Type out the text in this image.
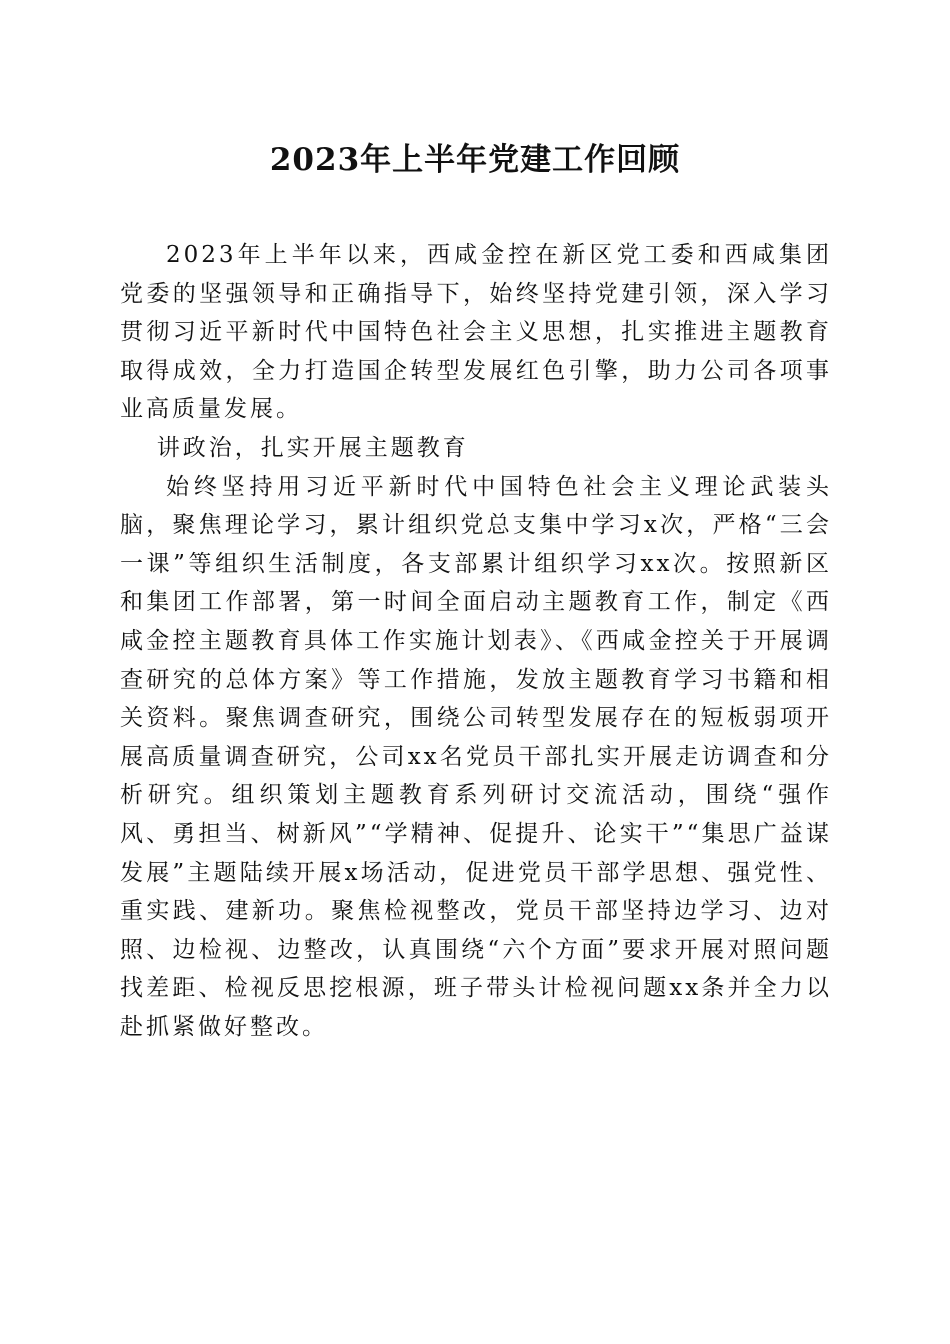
2023年上半年党建工作回顾

2023年上半年以来，西咸金控在新区党工委和西咸集团党委的坚强领导和正确指导下，始终坚持党建引领，深入学习贯彻习近平新时代中国特色社会主义思想，扎实推进主题教育取得成效，全力打造国企转型发展红色引擎，助力公司各项事业高质量发展。

讲政治，扎实开展主题教育

始终坚持用习近平新时代中国特色社会主义理论武装头脑，聚焦理论学习，累计组织党总支集中学习x次，严格“三会一课”等组织生活制度，各支部累计组织学习xx次。按照新区和集团工作部署，第一时间全面启动主题教育工作，制定《西咸金控主题教育具体工作实施计划表》、《西咸金控关于开展调查研究的总体方案》等工作措施，发放主题教育学习书籍和相关资料。聚焦调查研究，围绕公司转型发展存在的短板弱项开展高质量调查研究，公司xx名党员干部扎实开展走访调查和分析研究。组织策划主题教育系列研讨交流活动，围绕“强作风、勇担当、树新风”“学精神、促提升、论实干”“集思广益谋发展”主题陆续开展x场活动，促进党员干部学思想、强党性、重实践、建新功。聚焦检视整改，党员干部坚持边学习、边对照、边检视、边整改，认真围绕“六个方面”要求开展对照问题找差距、检视反思挖根源，班子带头计检视问题xx条并全力以赴抓紧做好整改。
